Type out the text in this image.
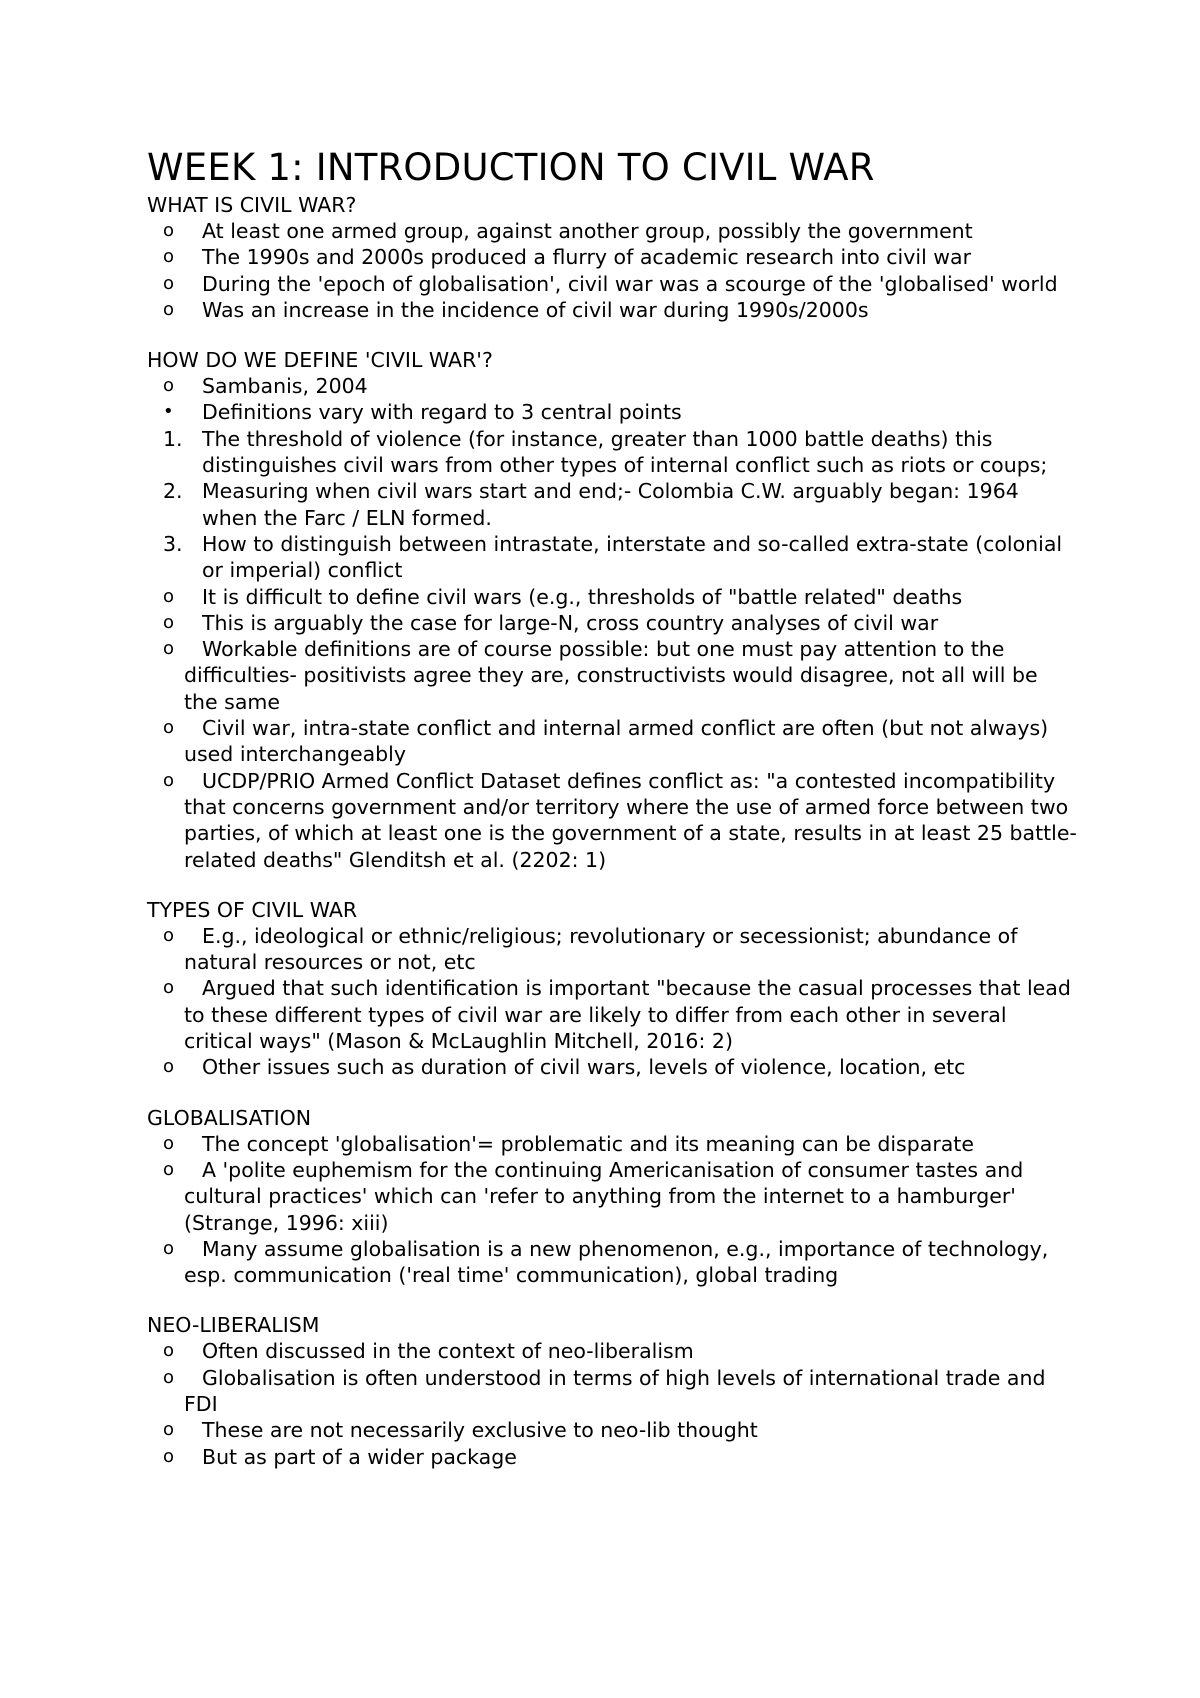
WEEK 1: INTRODUCTION TO CIVIL WAR
WHAT IS CIVIL WAR?
o	At least one armed group, against another group, possibly the government
o	The 1990s and 2000s produced a flurry of academic research into civil war
o	During the 'epoch of globalisation', civil war was a scourge of the 'globalised' world
o	Was an increase in the incidence of civil war during 1990s/2000s
HOW DO WE DEFINE 'CIVIL WAR'?
o	Sambanis, 2004
•	Definitions vary with regard to 3 central points
1. The threshold of violence (for instance, greater than 1000 battle deaths) this distinguishes civil wars from other types of internal conflict such as riots or coups;
2. Measuring when civil wars start and end;- Colombia C.W. arguably began: 1964 when the Farc / ELN formed.
3. How to distinguish between intrastate, interstate and so-called extra-state (colonial or imperial) conflict
o	It is difficult to define civil wars (e.g., thresholds of "battle related" deaths
o	This is arguably the case for large-N, cross country analyses of civil war
o	Workable definitions are of course possible: but one must pay attention to the difficulties- positivists agree they are, constructivists would disagree, not all will be the same
o	Civil war, intra-state conflict and internal armed conflict are often (but not always) used interchangeably
o	UCDP/PRIO Armed Conflict Dataset defines conflict as: "a contested incompatibility that concerns government and/or territory where the use of armed force between two parties, of which at least one is the government of a state, results in at least 25 battle-related deaths" Glenditsh et al. (2202: 1)
TYPES OF CIVIL WAR
o	E.g., ideological or ethnic/religious; revolutionary or secessionist; abundance of natural resources or not, etc
o	Argued that such identification is important "because the casual processes that lead to these different types of civil war are likely to differ from each other in several critical ways" (Mason & McLaughlin Mitchell, 2016: 2)
o	Other issues such as duration of civil wars, levels of violence, location, etc
GLOBALISATION
o	The concept 'globalisation'= problematic and its meaning can be disparate
o	A 'polite euphemism for the continuing Americanisation of consumer tastes and cultural practices' which can 'refer to anything from the internet to a hamburger' (Strange, 1996: xiii)
o	Many assume globalisation is a new phenomenon, e.g., importance of technology, esp. communication ('real time' communication), global trading
NEO-LIBERALISM
o	Often discussed in the context of neo-liberalism
o	Globalisation is often understood in terms of high levels of international trade and FDI
o	These are not necessarily exclusive to neo-lib thought
o	But as part of a wider package
